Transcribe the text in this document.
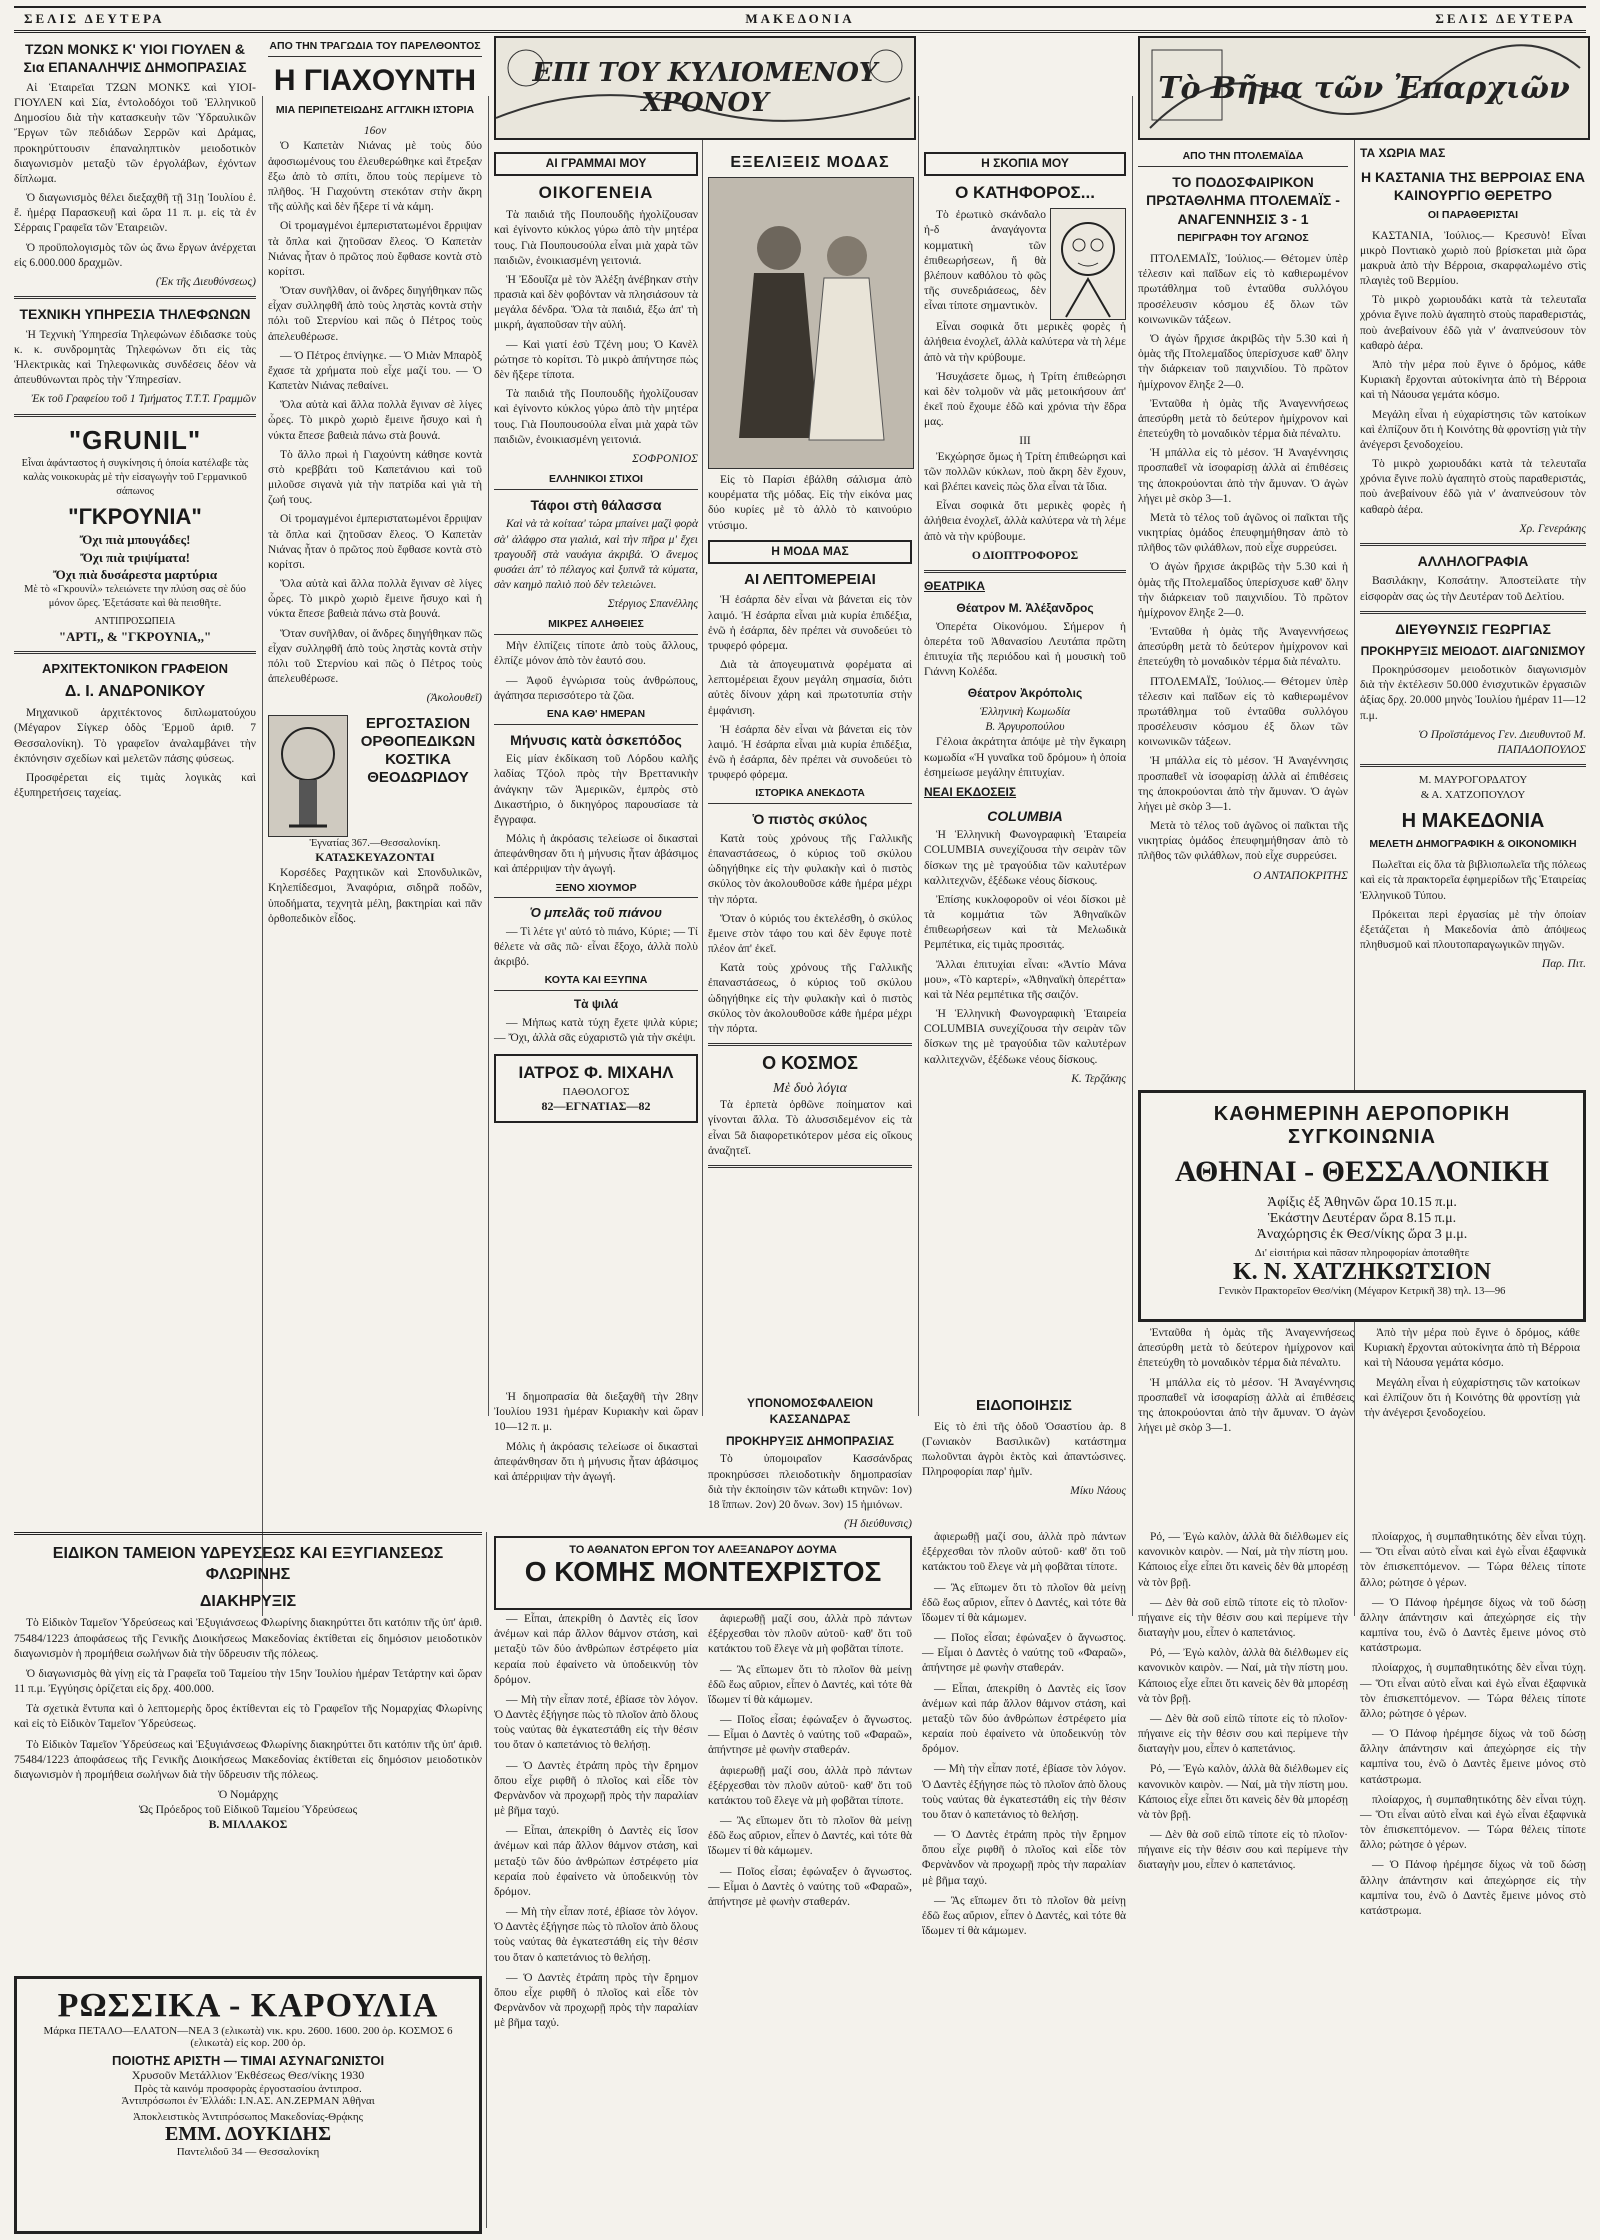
ΣΕΛΙΣ ΔΕΥΤΕΡΑ	ΜΑΚΕΔΟΝΙΑ	ΣΕΛΙΣ ΔΕΥΤΕΡΑ
ΤΖΩΝ ΜΟΝΚΣ Κ' ΥΙΟΙ ΓΙΟΥΛΕΝ & Σια ΕΠΑΝΑΛΗΨΙΣ ΔΗΜΟΠΡΑΣΙΑΣ

Αἱ Ἑταιρεῖαι ΤΖΩΝ ΜΟΝΚΣ καὶ ΥΙΟΙ-ΓΙΟΥΛΕΝ καὶ Σία, ἐντολοδόχοι τοῦ Ἑλληνικοῦ Δημοσίου διὰ τὴν κατασκευὴν τῶν Ὑδραυλικῶν Ἔργων τῶν πεδιάδων Σερρῶν καὶ Δράμας, προκηρύττουσιν ἐπαναληπτικὸν μειοδοτικὸν διαγωνισμὸν μεταξὺ τῶν ἐργολάβων, ἐχόντων δίπλωμα.

Ὁ διαγωνισμὸς θέλει διεξαχθῆ τῇ 31ῃ Ἰουλίου ἐ. ἔ. ἡμέρᾳ Παρασκευῇ καὶ ὥρα 11 π. μ. εἰς τὰ ἐν Σέρραις Γραφεῖα τῶν Ἑταιρειῶν.

Ὁ προϋπολογισμὸς τῶν ὡς ἄνω ἔργων ἀνέρχεται εἰς 6.000.000 δραχμῶν.

(Ἐκ τῆς Διευθύνσεως)
ΤΕΧΝΙΚΗ ΥΠΗΡΕΣΙΑ ΤΗΛΕΦΩΝΩΝ

Ἡ Τεχνικὴ Ὑπηρεσία Τηλεφώνων ἐδιδασκε τοὺς κ. κ. συνδρομητὰς Τηλεφώνων ὅτι εἰς τὰς Ἡλεκτρικὰς καὶ Τηλεφωνικὰς συνδέσεις δέον νὰ ἀπευθύνωνται πρὸς τὴν Ὑπηρεσίαν.

Ἐκ τοῦ Γραφείου τοῦ 1 Τμήματος Τ.Τ.Τ. Γραμμῶν
"GRUNIL"

Εἶναι ἀφάνταστος ἡ συγκίνησις ἡ ὁποία κατέλαβε τὰς καλὰς νοικοκυρὰς μὲ τὴν εἰσαγωγὴν τοῦ Γερμανικοῦ σάπωνος

"ΓΚΡΟΥΝΙΑ"
Ὄχι πιὰ μπουγάδες!
Ὄχι πιὰ τριψίματα!
Ὄχι πιὰ δυσάρεστα μαρτύρια

Μὲ τὸ «Γκρουνίλ» τελειώνετε την πλύση σας σὲ δύο μόνον ὥρες. Ἐξετάσατε καὶ θὰ πεισθῆτε.

ΑΝΤΙΠΡΟΣΩΠΕΙΑ
"ΑΡΤΙ,, & "ΓΚΡΟΥΝΙΑ,,"
ΑΡΧΙΤΕΚΤΟΝΙΚΟΝ ΓΡΑΦΕΙΟΝ
Δ. Ι. ΑΝΔΡΟΝΙΚΟΥ

Μηχανικοῦ ἀρχιτέκτονος διπλωματούχου (Μέγαρον Σίγκερ ὁδὸς Ἑρμοῦ ἀριθ. 7 Θεσσαλονίκη). Τὸ γραφεῖον ἀναλαμβάνει τὴν ἐκπόνησιν σχεδίων καὶ μελετῶν πάσης φύσεως.

Προσφέρεται εἰς τιμὰς λογικὰς καὶ ἐξυπηρετήσεις ταχείας.

ΑΠΟ ΤΗΝ ΤΡΑΓΩΔΙΑ ΤΟΥ ΠΑΡΕΛΘΟΝΤΟΣ
Η ΓΙΑΧΟΥΝΤΗ
ΜΙΑ ΠΕΡΙΠΕΤΕΙΩΔΗΣ ΑΓΓΛΙΚΗ ΙΣΤΟΡΙΑ
16ον

Ὁ Καπετὰν Νιάνας μὲ τοὺς δύο ἀφοσιωμένους του ἐλευθερώθηκε καὶ ἔτρεξαν ἔξω ἀπὸ τὸ σπίτι, ὅπου τοὺς περίμενε τὸ πλῆθος. Ἡ Γιαχούντη στεκόταν στὴν ἄκρη τῆς αὐλῆς καὶ δὲν ἤξερε τί νὰ κάμη.

Οἱ τρομαγμένοι ἐμπεριστατωμένοι ἔρριψαν τὰ ὅπλα καὶ ζητοῦσαν ἔλεος. Ὁ Καπετὰν Νιάνας ἦταν ὁ πρῶτος ποὺ ἔφθασε κοντὰ στὸ κορίτσι.

Ὅταν συνῆλθαν, οἱ ἄνδρες διηγήθηκαν πῶς εἶχαν συλληφθῆ ἀπὸ τοὺς ληστὰς κοντὰ στὴν πόλι τοῦ Στερνίου καὶ πῶς ὁ Πέτρος τοὺς ἀπελευθέρωσε.

— Ὁ Πέτρος ἐπνίγηκε. — Ὁ Μιὰν Μπαρὸξ ἔχασε τὰ χρήματα ποὺ εἶχε μαζί του. — Ὁ Καπετὰν Νιάνας πεθαίνει.

Ὅλα αὐτὰ καὶ ἄλλα πολλὰ ἔγιναν σὲ λίγες ὧρες. Τὸ μικρὸ χωριὸ ἔμεινε ἥσυχο καὶ ἡ νύκτα ἔπεσε βαθειὰ πάνω στὰ βουνά.

Τὸ ἄλλο πρωὶ ἡ Γιαχούντη κάθησε κοντὰ στὸ κρεββάτι τοῦ Καπετάνιου καὶ τοῦ μιλοῦσε σιγανὰ γιὰ τὴν πατρίδα καὶ γιὰ τὴ ζωή τους.

Οἱ τρομαγμένοι ἐμπεριστατωμένοι ἔρριψαν τὰ ὅπλα καὶ ζητοῦσαν ἔλεος. Ὁ Καπετὰν Νιάνας ἦταν ὁ πρῶτος ποὺ ἔφθασε κοντὰ στὸ κορίτσι.

Ὅλα αὐτὰ καὶ ἄλλα πολλὰ ἔγιναν σὲ λίγες ὧρες. Τὸ μικρὸ χωριὸ ἔμεινε ἥσυχο καὶ ἡ νύκτα ἔπεσε βαθειὰ πάνω στὰ βουνά.

Ὅταν συνῆλθαν, οἱ ἄνδρες διηγήθηκαν πῶς εἶχαν συλληφθῆ ἀπὸ τοὺς ληστὰς κοντὰ στὴν πόλι τοῦ Στερνίου καὶ πῶς ὁ Πέτρος τοὺς ἀπελευθέρωσε.

(Ἀκολουθεῖ)
ΕΡΓΟΣΤΑΣΙΟΝ ΟΡΘΟΠΕΔΙΚΩΝ ΚΟΣΤΙΚΑ ΘΕΟΔΩΡΙΔΟΥ
Ἐγνατίας 367.—Θεσσαλονίκη.
ΚΑΤΑΣΚΕΥΑΖΟΝΤΑΙ

Κορσέδες Ραχητικῶν καὶ Σπονδυλικῶν, Κηλεπίδεσμοι, Ἀναφόρια, σιδηρᾶ ποδῶν, ὑποδήματα, τεχνητὰ μέλη, βακτηρίαι καὶ πᾶν ὀρθοπεδικὸν εἶδος.

ΕΠΙ ΤΟΥ ΚΥΛΙΟΜΕΝΟΥ ΧΡΟΝΟΥ	Τὸ Βῆμα τῶν Ἐπαρχιῶν
ΑΙ ΓΡΑΜΜΑΙ ΜΟΥ
ΟΙΚΟΓΕΝΕΙΑ

Τὰ παιδιά τῆς Πουπουδῆς ἠχολίζουσαν καὶ ἐγίνοντο κύκλος γύρω ἀπὸ τὴν μητέρα τους. Γιὰ Πουπουσούλα εἶναι μιὰ χαρὰ τῶν παιδιῶν, ἐνοικιασμένη γειτονιά.

Ἡ Ἐδουΐζα μὲ τὸν Ἀλέξη ἀνέβηκαν στὴν πρασιὰ καὶ δὲν φοβόνταν νὰ πλησιάσουν τὰ μεγάλα δένδρα. Ὅλα τὰ παιδιά, ἔξω ἀπ' τὴ μικρή, ἀγαποῦσαν τὴν αὐλή.

— Καὶ γιατί ἐσὺ Τζένη μου; Ὁ Κανὲλ ρώτησε τὸ κορίτσι. Τὸ μικρὸ ἀπήντησε πὼς δὲν ἤξερε τίποτα.

Τὰ παιδιά τῆς Πουπουδῆς ἠχολίζουσαν καὶ ἐγίνοντο κύκλος γύρω ἀπὸ τὴν μητέρα τους. Γιὰ Πουπουσούλα εἶναι μιὰ χαρὰ τῶν παιδιῶν, ἐνοικιασμένη γειτονιά.

ΣΟΦΡΟΝΙΟΣ
ΕΛΛΗΝΙΚΟΙ ΣΤΙΧΟΙ
Τάφοι στὴ θάλασσα

Καὶ νὰ τὰ κοίταα' τώρα μπαίνει μαζὶ φορὰ σὰ' ἀλάφρο στα γιαλιά, καὶ τὴν πῆρα μ' ἔχει τραγουδῆ στὰ ναυάγια ἀκριβά. Ὁ ἄνεμος φυσάει ἀπ' τὸ πέλαγος καὶ ξυπνᾶ τὰ κύματα, σὰν καημὸ παλιὸ ποὺ δὲν τελειώνει.

Στέργιος Σπανέλλης
ΜΙΚΡΕΣ ΑΛΗΘΕΙΕΣ

Μὴν ἐλπίζεις τίποτε ἀπὸ τοὺς ἄλλους, ἐλπίζε μόνον ἀπὸ τὸν ἑαυτό σου.

— Ἀφοῦ ἐγνώρισα τοὺς ἀνθρώπους, ἀγάπησα περισσότερο τὰ ζῶα.

ΕΝΑ ΚΑΘ' ΗΜΕΡΑΝ
Μήνυσις κατὰ ὀσκεπόδος

Εἰς μίαν ἐκδίκαση τοῦ Λόρδου καλῆς λαδίας Τζόολ πρὸς τὴν Βρεττανικὴν ἀνάγκην τῶν Ἀμερικῶν, ἐμπρὸς στὸ Δικαστήριο, ὁ δικηγόρος παρουσίασε τὰ ἔγγραφα.

Μόλις ἡ ἀκρόασις τελείωσε οἱ δικασταὶ ἀπεφάνθησαν ὅτι ἡ μήνυσις ἦταν ἀβάσιμος καὶ ἀπέρριψαν τὴν ἀγωγή.

ΞΕΝΟ ΧΙΟΥΜΟΡ
Ὁ μπελᾶς τοῦ πιάνου

— Τὶ λέτε γι' αὐτό τὸ πιάνο, Κύριε; — Τί θέλετε νὰ σᾶς πῶ· εἶναι ἔξοχο, ἀλλὰ πολὺ ἀκριβό.

ΚΟΥΤΑ ΚΑΙ ΕΞΥΠΝΑ
Τὰ ψιλά

— Μήπως κατὰ τύχη ἔχετε ψιλὰ κύριε; — Ὄχι, ἀλλὰ σᾶς εὐχαριστῶ γιὰ τὴν σκέψι.

ΙΑΤΡΟΣ Φ. ΜΙΧΑΗΛ
ΠΑΘΟΛΟΓΟΣ
82—ΕΓΝΑΤΙΑΣ—82
ΕΞΕΛΙΞΕΙΣ ΜΟΔΑΣ

Εἰς τὸ Παρίσι ἐβάλθη σάλισμα ἀπὸ κουρέματα τῆς μόδας. Εἰς τὴν εἰκόνα μας δύο κυρίες μὲ τὸ ἀλλὸ τὸ καινούριο ντύσιμο.

Η ΜΟΔΑ ΜΑΣ
ΑΙ ΛΕΠΤΟΜΕΡΕΙΑΙ

Ἡ ἐσάρπα δὲν εἶναι νὰ βάνεται εἰς τὸν λαιμό. Ἡ ἐσάρπα εἶναι μιὰ κυρία ἐπιδέξια, ἐνῶ ἡ ἐσάρπα, δὲν πρέπει νὰ συνοδεύει τὸ τρυφερό φόρεμα.

Διὰ τὰ ἀπογευματινὰ φορέματα αἱ λεπτομέρειαι ἔχουν μεγάλη σημασία, διότι αὐτὲς δίνουν χάρη καὶ πρωτοτυπία στὴν ἐμφάνιση.

Ἡ ἐσάρπα δὲν εἶναι νὰ βάνεται εἰς τὸν λαιμό. Ἡ ἐσάρπα εἶναι μιὰ κυρία ἐπιδέξια, ἐνῶ ἡ ἐσάρπα, δὲν πρέπει νὰ συνοδεύει τὸ τρυφερό φόρεμα.

ΙΣΤΟΡΙΚΑ ΑΝΕΚΔΟΤΑ
Ὁ πιστὸς σκύλος

Κατὰ τοὺς χρόνους τῆς Γαλλικῆς ἐπαναστάσεως, ὁ κύριος τοῦ σκύλου ὡδηγήθηκε εἰς τὴν φυλακὴν καὶ ὁ πιστὸς σκύλος τὸν ἀκολουθοῦσε κάθε ἡμέρα μέχρι τὴν πόρτα.

Ὅταν ὁ κύριός του ἐκτελέσθη, ὁ σκύλος ἔμεινε στὸν τάφο του καὶ δὲν ἔφυγε ποτὲ πλέον ἀπ' ἐκεῖ.

Κατὰ τοὺς χρόνους τῆς Γαλλικῆς ἐπαναστάσεως, ὁ κύριος τοῦ σκύλου ὡδηγήθηκε εἰς τὴν φυλακὴν καὶ ὁ πιστὸς σκύλος τὸν ἀκολουθοῦσε κάθε ἡμέρα μέχρι τὴν πόρτα.

Ο ΚΟΣΜΟΣ
Μὲ δυὸ λόγια

Τὰ ἑρπετὰ ὀρθῶνε ποίηματον καὶ γίνονται ἄλλα. Τὸ ἀλυσσιδεμένον εἰς τὰ εἶναι 5ᾶ διαφορετικότερον μέσα εἰς οἴκους ἀναζητεῖ.

Η ΣΚΟΠΙΑ ΜΟΥ
Ο ΚΑΤΗΦΟΡΟΣ...

Τὸ ἐρωτικὸ σκάνδαλο ἠ-δ ἀναγάγοντα κομματικὴ τῶν ἐπιθεωρήσεων, ἤ θὰ βλέπουν καθόλου τὸ φῶς τῆς συνεδριάσεως, δὲν εἶναι τίποτε σημαντικὸν.

Εἶναι σοφικὰ ὅτι μερικὲς φορὲς ἡ ἀλήθεια ἐνοχλεῖ, ἀλλὰ καλύτερα νὰ τὴ λέμε ἀπὸ νὰ τὴν κρύβουμε.

Ἠσυχάσετε ὅμως, ἡ Τρίτη ἐπιθεώρησι καὶ δὲν τολμοῦν νὰ μᾶς μετοικήσουν ἀπ' ἐκεῖ ποὺ ἔχουμε ἐδῶ καὶ χρόνια τὴν ἕδρα μας.

III

Ἐκχώρησε ὅμως ἡ Τρίτη ἐπιθεώρησι καὶ τῶν πολλῶν κύκλων, ποὺ ἄκρη δὲν ἔχουν, καὶ βλέπει κανεὶς πὼς ὅλα εἶναι τὰ ἴδια.

Εἶναι σοφικὰ ὅτι μερικὲς φορὲς ἡ ἀλήθεια ἐνοχλεῖ, ἀλλὰ καλύτερα νὰ τὴ λέμε ἀπὸ νὰ τὴν κρύβουμε.

Ο ΔΙΟΠΤΡΟΦΟΡΟΣ
ΘΕΑΤΡΙΚΑ
Θέατρον Μ. Ἀλέξανδρος

Ὁπερέτα Οἰκονόμου. Σήμερον ἡ ὁπερέτα τοῦ Ἀθανασίου Λευτάπα πρῶτη ἐπιτυχία τῆς περιόδου καὶ ἡ μουσικὴ τοῦ Γιάννη Κολέδα.

Θέατρον Ἀκρόπολις
Ἑλληνικὴ Κωμωδία
Β. Ἀργυροπούλου

Γέλοια ἀκράτητα ἀπόψε μὲ τὴν ἔγκαιρη κωμωδία «Ἡ γυναῖκα τοῦ δρόμου» ἡ ὁποία ἐσημείωσε μεγάλην ἐπιτυχίαν.

ΝΕΑΙ ΕΚΔΟΣΕΙΣ
COLUMBIA

Ἡ Ἑλληνικὴ Φωνογραφικὴ Ἑταιρεία COLUMBIA συνεχίζουσα τὴν σειρὰν τῶν δίσκων της μὲ τραγούδια τῶν καλυτέρων καλλιτεχνῶν, ἐξέδωκε νέους δίσκους.

Ἐπίσης κυκλοφοροῦν οἱ νέοι δίσκοι μὲ τὰ κομμάτια τῶν Ἀθηναϊκῶν ἐπιθεωρήσεων καὶ τὰ Μελωδικὰ Ρεμπέτικα, εἰς τιμὰς προσιτάς.

Ἄλλαι ἐπιτυχίαι εἶναι: «Ἀντίο Μάνα μου», «Τὸ καρτερί», «Ἀθηναϊκὴ ὁπερέττα» καὶ τὰ Νέα ρεμπέτικα τῆς σαιζόν.

Ἡ Ἑλληνικὴ Φωνογραφικὴ Ἑταιρεία COLUMBIA συνεχίζουσα τὴν σειρὰν τῶν δίσκων της μὲ τραγούδια τῶν καλυτέρων καλλιτεχνῶν, ἐξέδωκε νέους δίσκους.

Κ. Τερζάκης
ΥΠΟΝΟΜΟΣΦΑΛΕΙΟΝ ΚΑΣΣΑΝΔΡΑΣ
ΠΡΟΚΗΡΥΞΙΣ ΔΗΜΟΠΡΑΣΙΑΣ

Τὸ ὑπομοιραῖον Κασσάνδρας προκηρύσσει πλειοδοτικὴν δημοπρασίαν διὰ τὴν ἐκποίησιν τῶν κάτωθι κτηνῶν: 1ον) 18 ἵππων. 2ον) 20 ὄνων. 3ον) 15 ἡμιόνων.

(Ἡ διεύθυνσις)
ΕΙΔΟΠΟΙΗΣΙΣ

Εἰς τὸ ἐπὶ τῆς ὁδοῦ Ὁσαστίου ἀρ. 8 (Γωνιακὸν Βασιλικῶν) κατάστημα πωλοῦνται ἀγρὸι ἑκτὸς καὶ ἀπαντώσινες. Πληροφορίαι παρ' ἡμῖν.

Μίκυ Νάους

Ἡ δημοπρασία θὰ διεξαχθῆ τὴν 28ην Ἰουλίου 1931 ἡμέραν Κυριακὴν καὶ ὥραν 10—12 π. μ.

Μόλις ἡ ἀκρόασις τελείωσε οἱ δικασταὶ ἀπεφάνθησαν ὅτι ἡ μήνυσις ἦταν ἀβάσιμος καὶ ἀπέρριψαν τὴν ἀγωγή.

ΑΠΟ ΤΗΝ ΠΤΟΛΕΜΑΪΔΑ
ΤΟ ΠΟΔΟΣΦΑΙΡΙΚΟΝ ΠΡΩΤΑΘΛΗΜΑ ΠΤΟΛΕΜΑΪΣ - ΑΝΑΓΕΝΝΗΣΙΣ 3 - 1
ΠΕΡΙΓΡΑΦΗ ΤΟΥ ΑΓΩΝΟΣ

ΠΤΟΛΕΜΑΪΣ, Ἰούλιος.— Θέτομεν ὑπὲρ τέλεσιν καὶ παῖδων εἰς τὸ καθιερωμένον πρωτάθλημα τοῦ ἐνταῦθα συλλόγου προσέλευσιν κόσμου ἐξ ὅλων τῶν κοινωνικῶν τάξεων.

Ὁ ἀγὼν ἤρχισε ἀκριβῶς τὴν 5.30 καὶ ἡ ὁμὰς τῆς Πτολεμαΐδος ὑπερίσχυσε καθ' ὅλην τὴν διάρκειαν τοῦ παιχνιδίου. Τὸ πρῶτον ἡμίχρονον ἔληξε 2—0.

Ἐνταῦθα ἡ ὁμὰς τῆς Ἀναγεννήσεως ἀπεσύρθη μετὰ τὸ δεύτερον ἡμίχρονον καὶ ἐπετεύχθη τὸ μοναδικὸν τέρμα διὰ πέναλτυ.

Ἡ μπάλλα εἰς τὸ μέσον. Ἡ Ἀναγέννησις προσπαθεῖ νὰ ἰσοφαρίσῃ ἀλλὰ αἱ ἐπιθέσεις της ἀποκρούονται ἀπὸ τὴν ἄμυναν. Ὁ ἀγὼν λήγει μὲ σκὸρ 3—1.

Μετὰ τὸ τέλος τοῦ ἀγῶνος οἱ παῖκται τῆς νικητρίας ὁμάδος ἐπευφημήθησαν ἀπὸ τὸ πλῆθος τῶν φιλάθλων, ποὺ εἶχε συρρεύσει.

Ὁ ἀγὼν ἤρχισε ἀκριβῶς τὴν 5.30 καὶ ἡ ὁμὰς τῆς Πτολεμαΐδος ὑπερίσχυσε καθ' ὅλην τὴν διάρκειαν τοῦ παιχνιδίου. Τὸ πρῶτον ἡμίχρονον ἔληξε 2—0.

Ἐνταῦθα ἡ ὁμὰς τῆς Ἀναγεννήσεως ἀπεσύρθη μετὰ τὸ δεύτερον ἡμίχρονον καὶ ἐπετεύχθη τὸ μοναδικὸν τέρμα διὰ πέναλτυ.

ΠΤΟΛΕΜΑΪΣ, Ἰούλιος.— Θέτομεν ὑπὲρ τέλεσιν καὶ παῖδων εἰς τὸ καθιερωμένον πρωτάθλημα τοῦ ἐνταῦθα συλλόγου προσέλευσιν κόσμου ἐξ ὅλων τῶν κοινωνικῶν τάξεων.

Ἡ μπάλλα εἰς τὸ μέσον. Ἡ Ἀναγέννησις προσπαθεῖ νὰ ἰσοφαρίσῃ ἀλλὰ αἱ ἐπιθέσεις της ἀποκρούονται ἀπὸ τὴν ἄμυναν. Ὁ ἀγὼν λήγει μὲ σκὸρ 3—1.

Μετὰ τὸ τέλος τοῦ ἀγῶνος οἱ παῖκται τῆς νικητρίας ὁμάδος ἐπευφημήθησαν ἀπὸ τὸ πλῆθος τῶν φιλάθλων, ποὺ εἶχε συρρεύσει.

Ο ΑΝΤΑΠΟΚΡΙΤΗΣ
ΤΑ ΧΩΡΙΑ ΜΑΣ
Η ΚΑΣΤΑΝΙΑ ΤΗΣ ΒΕΡΡΟΙΑΣ ΕΝΑ ΚΑΙΝΟΥΡΓΙΟ ΘΕΡΕΤΡΟ
ΟΙ ΠΑΡΑΘΕΡΙΣΤΑΙ

ΚΑΣΤΑΝΙΑ, Ἰούλιος.— Κρεσυνὸ! Εἶναι μικρὸ Ποντιακὸ χωριὸ ποὺ βρίσκεται μιὰ ὥρα μακρυὰ ἀπὸ τὴν Βέρροια, σκαρφαλωμένο στὶς πλαγιὲς τοῦ Βερμίου.

Τὸ μικρὸ χωριουδάκι κατὰ τὰ τελευταῖα χρόνια ἔγινε πολὺ ἀγαπητὸ στοὺς παραθεριστάς, ποὺ ἀνεβαίνουν ἐδῶ γιὰ ν' ἀναπνεύσουν τὸν καθαρὸ ἀέρα.

Ἀπὸ τὴν μέρα ποὺ ἔγινε ὁ δρόμος, κάθε Κυριακὴ ἔρχονται αὐτοκίνητα ἀπὸ τὴ Βέρροια καὶ τὴ Νάουσα γεμάτα κόσμο.

Μεγάλη εἶναι ἡ εὐχαρίστησις τῶν κατοίκων καὶ ἐλπίζουν ὅτι ἡ Κοινότης θὰ φροντίσῃ γιὰ τὴν ἀνέγερσι ξενοδοχείου.

Τὸ μικρὸ χωριουδάκι κατὰ τὰ τελευταῖα χρόνια ἔγινε πολὺ ἀγαπητὸ στοὺς παραθεριστάς, ποὺ ἀνεβαίνουν ἐδῶ γιὰ ν' ἀναπνεύσουν τὸν καθαρὸ ἀέρα.

Χρ. Γενεράκης
ΑΛΛΗΛΟΓΡΑΦΙΑ

Βασιλάκην, Κοπσάτην. Ἀποστείλατε τὴν εἰσφορὰν σας ὡς τὴν Δευτέραν τοῦ Δελτίου.

ΔΙΕΥΘΥΝΣΙΣ ΓΕΩΡΓΙΑΣ
ΠΡΟΚΗΡΥΞΙΣ ΜΕΙΟΔΟΤ. ΔΙΑΓΩΝΙΣΜΟΥ

Προκηρύσσομεν μειοδοτικὸν διαγωνισμὸν διὰ τὴν ἐκτέλεσιν 50.000 ἐνισχυτικῶν ἐργασιῶν ἀξίας δρχ. 20.000 μηνὸς Ἰουλίου ἡμέραν 11—12 π.μ.

Ὁ Προϊστάμενος Γεν. Διευθυντοῦ Μ. ΠΑΠΑΔΟΠΟΥΛΟΣ
Μ. ΜΑΥΡΟΓΟΡΔΑΤΟΥ
& Α. ΧΑΤΖΟΠΟΥΛΟΥ
Η ΜΑΚΕΔΟΝΙΑ
ΜΕΛΕΤΗ ΔΗΜΟΓΡΑΦΙΚΗ & ΟΙΚΟΝΟΜΙΚΗ

Πωλεῖται εἰς ὅλα τὰ βιβλιοπωλεῖα τῆς πόλεως καὶ εἰς τὰ πρακτορεῖα ἐφημερίδων τῆς Ἑταιρείας Ἑλληνικοῦ Τύπου.

Πρόκειται περὶ ἐργασίας μὲ τὴν ὁποίαν ἐξετάζεται ἡ Μακεδονία ἀπὸ ἀπόψεως πληθυσμοῦ καὶ πλουτοπαραγωγικῶν πηγῶν.

Παρ. Πιτ.
ΚΑΘΗΜΕΡΙΝΗ ΑΕΡΟΠΟΡΙΚΗ ΣΥΓΚΟΙΝΩΝΙΑ
ΑΘΗΝΑΙ - ΘΕΣΣΑΛΟΝΙΚΗ
Ἀφίξις ἐξ Ἀθηνῶν ὥρα 10.15 π.μ.
Ἑκάστην Δευτέραν ὥρα 8.15 π.μ.
Ἀναχώρησις ἐκ Θεσ/νίκης ὥρα 3 μ.μ.
Δι' εἰσιτήρια καὶ πᾶσαν πληροφορίαν ἀποταθῆτε
Κ. Ν. ΧΑΤΖΗΚΩΤΣΙΟΝ
Γενικὸν Πρακτορεῖον Θεσ/νίκη (Μέγαρον Κετρικῆ 38) τηλ. 13—96

Ἐνταῦθα ἡ ὁμὰς τῆς Ἀναγεννήσεως ἀπεσύρθη μετὰ τὸ δεύτερον ἡμίχρονον καὶ ἐπετεύχθη τὸ μοναδικὸν τέρμα διὰ πέναλτυ.

Ἡ μπάλλα εἰς τὸ μέσον. Ἡ Ἀναγέννησις προσπαθεῖ νὰ ἰσοφαρίσῃ ἀλλὰ αἱ ἐπιθέσεις της ἀποκρούονται ἀπὸ τὴν ἄμυναν. Ὁ ἀγὼν λήγει μὲ σκὸρ 3—1.

Ἀπὸ τὴν μέρα ποὺ ἔγινε ὁ δρόμος, κάθε Κυριακὴ ἔρχονται αὐτοκίνητα ἀπὸ τὴ Βέρροια καὶ τὴ Νάουσα γεμάτα κόσμο.

Μεγάλη εἶναι ἡ εὐχαρίστησις τῶν κατοίκων καὶ ἐλπίζουν ὅτι ἡ Κοινότης θὰ φροντίσῃ γιὰ τὴν ἀνέγερσι ξενοδοχείου.

ΕΙΔΙΚΟΝ ΤΑΜΕΙΟΝ ΥΔΡΕΥΣΕΩΣ ΚΑΙ ΕΞΥΓΙΑΝΣΕΩΣ ΦΛΩΡΙΝΗΣ
ΔΙΑΚΗΡΥΞΙΣ

Τὸ Εἰδικὸν Ταμεῖον Ὑδρεύσεως καὶ Ἐξυγιάνσεως Φλωρίνης διακηρύττει ὅτι κατόπιν τῆς ὑπ' ἀριθ. 75484/1223 ἀποφάσεως τῆς Γενικῆς Διοικήσεως Μακεδονίας ἐκτίθεται εἰς δημόσιον μειοδοτικὸν διαγωνισμὸν ἡ προμήθεια σωλήνων διὰ τὴν ὕδρευσιν τῆς πόλεως.

Ὁ διαγωνισμὸς θὰ γίνῃ εἰς τὰ Γραφεῖα τοῦ Ταμείου τὴν 15ην Ἰουλίου ἡμέραν Τετάρτην καὶ ὥραν 11 π.μ. Ἐγγύησις ὁρίζεται εἰς δρχ. 400.000.

Τὰ σχετικὰ ἔντυπα καὶ ὁ λεπτομερὴς ὅρος ἐκτίθενται εἰς τὸ Γραφεῖον τῆς Νομαρχίας Φλωρίνης καὶ εἰς τὸ Εἰδικὸν Ταμεῖον Ὑδρεύσεως.

Τὸ Εἰδικὸν Ταμεῖον Ὑδρεύσεως καὶ Ἐξυγιάνσεως Φλωρίνης διακηρύττει ὅτι κατόπιν τῆς ὑπ' ἀριθ. 75484/1223 ἀποφάσεως τῆς Γενικῆς Διοικήσεως Μακεδονίας ἐκτίθεται εἰς δημόσιον μειοδοτικὸν διαγωνισμὸν ἡ προμήθεια σωλήνων διὰ τὴν ὕδρευσιν τῆς πόλεως.

Ὁ Νομάρχης
Ὡς Πρόεδρος τοῦ Εἰδικοῦ Ταμείου Ὑδρεύσεως
Β. ΜΙΛΛΑΚΟΣ
ΡΩΣΣΙΚΑ - ΚΑΡΟΥΛΙΑ
Μάρκα ΠΕΤΑΛΟ—ΕΛΑΤΟΝ—ΝΕΑ 3 (ελικωτὰ) νικ. κρυ. 2600. 1600. 200 ὀρ. ΚΟΣΜΟΣ 6 (ελικωτὰ) εἰς κορ. 200 ὀρ.
ΠΟΙΟΤΗΣ ΑΡΙΣΤΗ — ΤΙΜΑΙ ΑΣΥΝΑΓΩΝΙΣΤΟΙ
Χρυσοῦν Μετάλλιον Ἐκθέσεως Θεσ/νίκης 1930
Πρὸς τὰ καινόμ προσφορὰς ἐργοστασίου ἀντιπροσ.
Ἀντιπρόσωποι ἐν Ἑλλάδι: Ι.Ν.ΑΣ. ΑΝ.ΖΕΡΜΑΝ Ἀθῆναι
Ἀποκλειστικὸς Ἀντιπρόσωπος Μακεδονίας-Θρᾴκης
ΕΜΜ. ΔΟΥΚΙΔΗΣ
Παντελιδοῦ 34 — Θεσσαλονίκη
ΤΟ ΑΘΑΝΑΤΟΝ ΕΡΓΟΝ ΤΟΥ ΑΛΕΞΑΝΔΡΟΥ ΔΟΥΜΑ
Ο ΚΟΜΗΣ ΜΟΝΤΕΧΡΙΣΤΟΣ

— Εἶπαι, ἀπεκρίθη ὁ Δαντὲς εἰς ἴσον ἀνέμων καὶ πάρ ἄλλον θάμνον στάση, καὶ μεταξὺ τῶν δύο ἀνθρώπων ἐστρέφετο μία κεραία ποὺ ἐφαίνετο νὰ ὑποδεικνύῃ τὸν δρόμον.

— Μὴ τὴν εἶπαν ποτέ, ἐβίασε τὸν λόγον. Ὁ Δαντὲς ἐξήγησε πὼς τὸ πλοῖον ἀπὸ ὅλους τοὺς ναύτας θὰ ἐγκατεστάθη εἰς τὴν θέσιν του ὅταν ὁ καπετάνιος τὸ θελήσῃ.

— Ὁ Δαντὲς ἐτράπη πρὸς τὴν ἔρημον ὅπου εἶχε ριφθῆ ὁ πλοῖος καὶ εἶδε τὸν Φερνὰνδον νὰ προχωρῇ πρὸς τὴν παραλίαν μὲ βῆμα ταχύ.

— Εἶπαι, ἀπεκρίθη ὁ Δαντὲς εἰς ἴσον ἀνέμων καὶ πάρ ἄλλον θάμνον στάση, καὶ μεταξὺ τῶν δύο ἀνθρώπων ἐστρέφετο μία κεραία ποὺ ἐφαίνετο νὰ ὑποδεικνύῃ τὸν δρόμον.

— Μὴ τὴν εἶπαν ποτέ, ἐβίασε τὸν λόγον. Ὁ Δαντὲς ἐξήγησε πὼς τὸ πλοῖον ἀπὸ ὅλους τοὺς ναύτας θὰ ἐγκατεστάθη εἰς τὴν θέσιν του ὅταν ὁ καπετάνιος τὸ θελήσῃ.

— Ὁ Δαντὲς ἐτράπη πρὸς τὴν ἔρημον ὅπου εἶχε ριφθῆ ὁ πλοῖος καὶ εἶδε τὸν Φερνὰνδον νὰ προχωρῇ πρὸς τὴν παραλίαν μὲ βῆμα ταχύ.

ἀφιερωθῇ μαζί σου, ἀλλὰ πρὸ πάντων ἐξέρχεσθαι τὸν πλοῦν αὐτοῦ· καθ' ὅτι τοῦ κατάκτου τοῦ ἔλεγε νὰ μὴ φοβᾶται τίποτε.

— Ἂς εἴπωμεν ὅτι τὸ πλοῖον θὰ μείνῃ ἐδῶ ἕως αὔριον, εἶπεν ὁ Δαντές, καὶ τότε θὰ ἴδωμεν τί θὰ κάμωμεν.

— Ποῖος εἶσαι; ἐφώναξεν ὁ ἄγνωστος. — Εἶμαι ὁ Δαντὲς ὁ ναύτης τοῦ «Φαραῶ», ἀπήντησε μὲ φωνὴν σταθεράν.

ἀφιερωθῇ μαζί σου, ἀλλὰ πρὸ πάντων ἐξέρχεσθαι τὸν πλοῦν αὐτοῦ· καθ' ὅτι τοῦ κατάκτου τοῦ ἔλεγε νὰ μὴ φοβᾶται τίποτε.

— Ἂς εἴπωμεν ὅτι τὸ πλοῖον θὰ μείνῃ ἐδῶ ἕως αὔριον, εἶπεν ὁ Δαντές, καὶ τότε θὰ ἴδωμεν τί θὰ κάμωμεν.

— Ποῖος εἶσαι; ἐφώναξεν ὁ ἄγνωστος. — Εἶμαι ὁ Δαντὲς ὁ ναύτης τοῦ «Φαραῶ», ἀπήντησε μὲ φωνὴν σταθεράν.

ἀφιερωθῇ μαζί σου, ἀλλὰ πρὸ πάντων ἐξέρχεσθαι τὸν πλοῦν αὐτοῦ· καθ' ὅτι τοῦ κατάκτου τοῦ ἔλεγε νὰ μὴ φοβᾶται τίποτε.

— Ἂς εἴπωμεν ὅτι τὸ πλοῖον θὰ μείνῃ ἐδῶ ἕως αὔριον, εἶπεν ὁ Δαντές, καὶ τότε θὰ ἴδωμεν τί θὰ κάμωμεν.

— Ποῖος εἶσαι; ἐφώναξεν ὁ ἄγνωστος. — Εἶμαι ὁ Δαντὲς ὁ ναύτης τοῦ «Φαραῶ», ἀπήντησε μὲ φωνὴν σταθεράν.

— Εἶπαι, ἀπεκρίθη ὁ Δαντὲς εἰς ἴσον ἀνέμων καὶ πάρ ἄλλον θάμνον στάση, καὶ μεταξὺ τῶν δύο ἀνθρώπων ἐστρέφετο μία κεραία ποὺ ἐφαίνετο νὰ ὑποδεικνύῃ τὸν δρόμον.

— Μὴ τὴν εἶπαν ποτέ, ἐβίασε τὸν λόγον. Ὁ Δαντὲς ἐξήγησε πὼς τὸ πλοῖον ἀπὸ ὅλους τοὺς ναύτας θὰ ἐγκατεστάθη εἰς τὴν θέσιν του ὅταν ὁ καπετάνιος τὸ θελήσῃ.

— Ὁ Δαντὲς ἐτράπη πρὸς τὴν ἔρημον ὅπου εἶχε ριφθῆ ὁ πλοῖος καὶ εἶδε τὸν Φερνὰνδον νὰ προχωρῇ πρὸς τὴν παραλίαν μὲ βῆμα ταχύ.

— Ἂς εἴπωμεν ὅτι τὸ πλοῖον θὰ μείνῃ ἐδῶ ἕως αὔριον, εἶπεν ὁ Δαντές, καὶ τότε θὰ ἴδωμεν τί θὰ κάμωμεν.

Ρό, — Ἐγὼ καλὸν, ἀλλὰ θὰ διέλθωμεν εἰς κανονικὸν καιρὸν. — Ναί, μὰ τὴν πίστη μου. Κάποιος εἶχε εἶπει ὅτι κανεὶς δὲν θὰ μπορέσῃ νὰ τὸν βρῇ.

— Δὲν θὰ σοῦ εἰπῶ τίποτε εἰς τὸ πλοῖον· πήγαινε εἰς τὴν θέσιν σου καὶ περίμενε τὴν διαταγὴν μου, εἶπεν ὁ καπετάνιος.

Ρό, — Ἐγὼ καλὸν, ἀλλὰ θὰ διέλθωμεν εἰς κανονικὸν καιρὸν. — Ναί, μὰ τὴν πίστη μου. Κάποιος εἶχε εἶπει ὅτι κανεὶς δὲν θὰ μπορέσῃ νὰ τὸν βρῇ.

— Δὲν θὰ σοῦ εἰπῶ τίποτε εἰς τὸ πλοῖον· πήγαινε εἰς τὴν θέσιν σου καὶ περίμενε τὴν διαταγὴν μου, εἶπεν ὁ καπετάνιος.

Ρό, — Ἐγὼ καλὸν, ἀλλὰ θὰ διέλθωμεν εἰς κανονικὸν καιρὸν. — Ναί, μὰ τὴν πίστη μου. Κάποιος εἶχε εἶπει ὅτι κανεὶς δὲν θὰ μπορέσῃ νὰ τὸν βρῇ.

— Δὲν θὰ σοῦ εἰπῶ τίποτε εἰς τὸ πλοῖον· πήγαινε εἰς τὴν θέσιν σου καὶ περίμενε τὴν διαταγὴν μου, εἶπεν ὁ καπετάνιος.

πλοίαρχος, ἡ συμπαθητικότης δὲν εἶναι τύχη. — Ὅτι εἶναι αὐτὸ εἶναι καὶ ἐγὼ εἶναι ἐξαφνικὰ τὸν ἐπισκεπτόμενον. — Τώρα θέλεις τίποτε ἄλλο; ρώτησε ὁ γέρων.

— Ὁ Πάνοφ ἠρέμησε δίχως νὰ τοῦ δώσῃ ἄλλην ἀπάντησιν καὶ ἀπεχώρησε εἰς τὴν καμπίνα του, ἐνῶ ὁ Δαντὲς ἔμεινε μόνος στὸ κατάστρωμα.

πλοίαρχος, ἡ συμπαθητικότης δὲν εἶναι τύχη. — Ὅτι εἶναι αὐτὸ εἶναι καὶ ἐγὼ εἶναι ἐξαφνικὰ τὸν ἐπισκεπτόμενον. — Τώρα θέλεις τίποτε ἄλλο; ρώτησε ὁ γέρων.

— Ὁ Πάνοφ ἠρέμησε δίχως νὰ τοῦ δώσῃ ἄλλην ἀπάντησιν καὶ ἀπεχώρησε εἰς τὴν καμπίνα του, ἐνῶ ὁ Δαντὲς ἔμεινε μόνος στὸ κατάστρωμα.

πλοίαρχος, ἡ συμπαθητικότης δὲν εἶναι τύχη. — Ὅτι εἶναι αὐτὸ εἶναι καὶ ἐγὼ εἶναι ἐξαφνικὰ τὸν ἐπισκεπτόμενον. — Τώρα θέλεις τίποτε ἄλλο; ρώτησε ὁ γέρων.

— Ὁ Πάνοφ ἠρέμησε δίχως νὰ τοῦ δώσῃ ἄλλην ἀπάντησιν καὶ ἀπεχώρησε εἰς τὴν καμπίνα του, ἐνῶ ὁ Δαντὲς ἔμεινε μόνος στὸ κατάστρωμα.
